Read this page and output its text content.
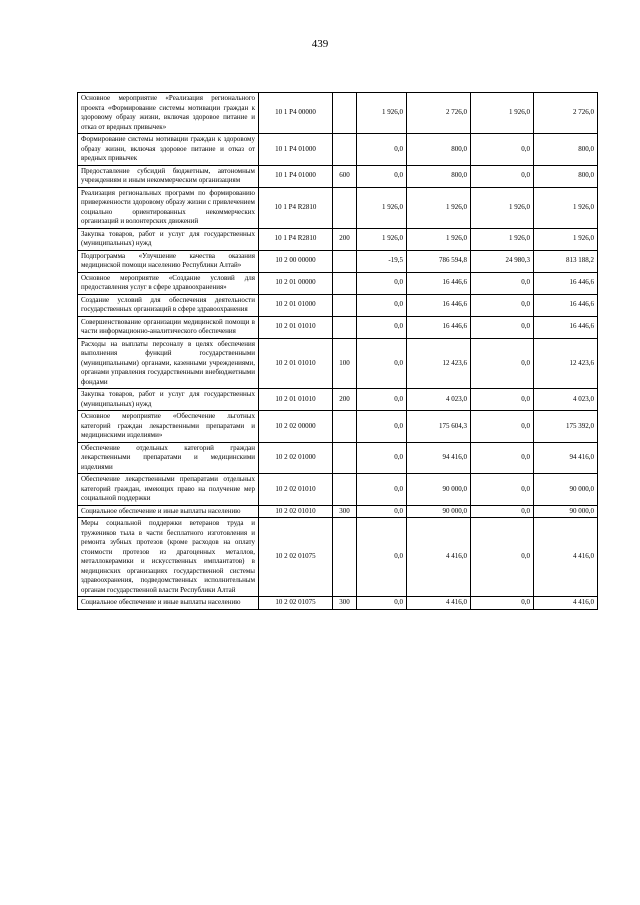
439
Основное мероприятие «Реализация регионального проекта «Формирование системы мотивации граждан к здоровому образу жизни, включая здоровое питание и отказ от вредных привычек»	10 1 P4 00000		1 926,0	2 726,0	1 926,0	2 726,0
Формирование системы мотивации граждан к здоровому образу жизни, включая здоровое питание и отказ от вредных привычек	10 1 P4 01000		0,0	800,0	0,0	800,0
Предоставление субсидий бюджетным, автономным учреждениям и иным некоммерческим организациям	10 1 P4 01000	600	0,0	800,0	0,0	800,0
Реализация региональных программ по формированию приверженности здоровому образу жизни с привлечением социально ориентированных некоммерческих организаций и волонтерских движений	10 1 P4 R2810		1 926,0	1 926,0	1 926,0	1 926,0
Закупка товаров, работ и услуг для государственных (муниципальных) нужд	10 1 P4 R2810	200	1 926,0	1 926,0	1 926,0	1 926,0
Подпрограмма «Улучшение качества оказания медицинской помощи населению Республики Алтай»	10 2 00 00000		-19,5	786 594,8	24 980,3	813 188,2
Основное мероприятие «Создание условий для предоставления услуг в сфере здравоохранения»	10 2 01 00000		0,0	16 446,6	0,0	16 446,6
Создание условий для обеспечения деятельности государственных организаций в сфере здравоохранения	10 2 01 01000		0,0	16 446,6	0,0	16 446,6
Совершенствование организации медицинской помощи в части информационно-аналитического обеспечения	10 2 01 01010		0,0	16 446,6	0,0	16 446,6
Расходы на выплаты персоналу в целях обеспечения выполнения функций государственными (муниципальными) органами, казенными учреждениями, органами управления государственными внебюджетными фондами	10 2 01 01010	100	0,0	12 423,6	0,0	12 423,6
Закупка товаров, работ и услуг для государственных (муниципальных) нужд	10 2 01 01010	200	0,0	4 023,0	0,0	4 023,0
Основное мероприятие «Обеспечение льготных категорий граждан лекарственными препаратами и медицинскими изделиями»	10 2 02 00000		0,0	175 604,3	0,0	175 392,0
Обеспечение отдельных категорий граждан лекарственными препаратами и медицинскими изделиями	10 2 02 01000		0,0	94 416,0	0,0	94 416,0
Обеспечение лекарственными препаратами отдельных категорий граждан, имеющих право на получение мер социальной поддержки	10 2 02 01010		0,0	90 000,0	0,0	90 000,0
Социальное обеспечение и иные выплаты населению	10 2 02 01010	300	0,0	90 000,0	0,0	90 000,0
Меры социальной поддержки ветеранов труда и тружеников тыла в части бесплатного изготовления и ремонта зубных протезов (кроме расходов на оплату стоимости протезов из драгоценных металлов, металлокерамики и искусственных имплантатов) в медицинских организациях государственной системы здравоохранения, подведомственных исполнительным органам государственной власти Республики Алтай	10 2 02 01075		0,0	4 416,0	0,0	4 416,0
Социальное обеспечение и иные выплаты населению	10 2 02 01075	300	0,0	4 416,0	0,0	4 416,0
